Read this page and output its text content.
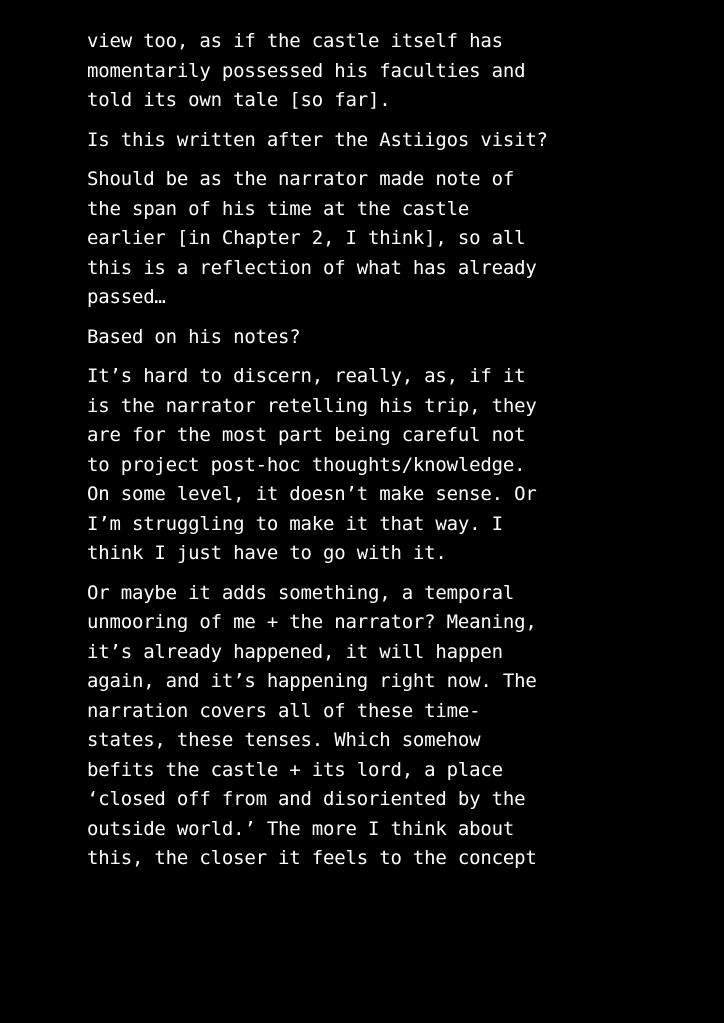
view too, as if the castle itself has
momentarily possessed his faculties and
told its own tale [so far].
Is this written after the Astiigos visit?
Should be as the narrator made note of
the span of his time at the castle
earlier [in Chapter 2, I think], so all
this is a reflection of what has already
passed…
Based on his notes?
It’s hard to discern, really, as, if it
is the narrator retelling his trip, they
are for the most part being careful not
to project post-hoc thoughts/knowledge.
On some level, it doesn’t make sense. Or
I’m struggling to make it that way. I
think I just have to go with it.
Or maybe it adds something, a temporal
unmooring of me + the narrator? Meaning,
it’s already happened, it will happen
again, and it’s happening right now. The
narration covers all of these time-
states, these tenses. Which somehow
befits the castle + its lord, a place
‘closed off from and disoriented by the
outside world.’ The more I think about
this, the closer it feels to the concept
